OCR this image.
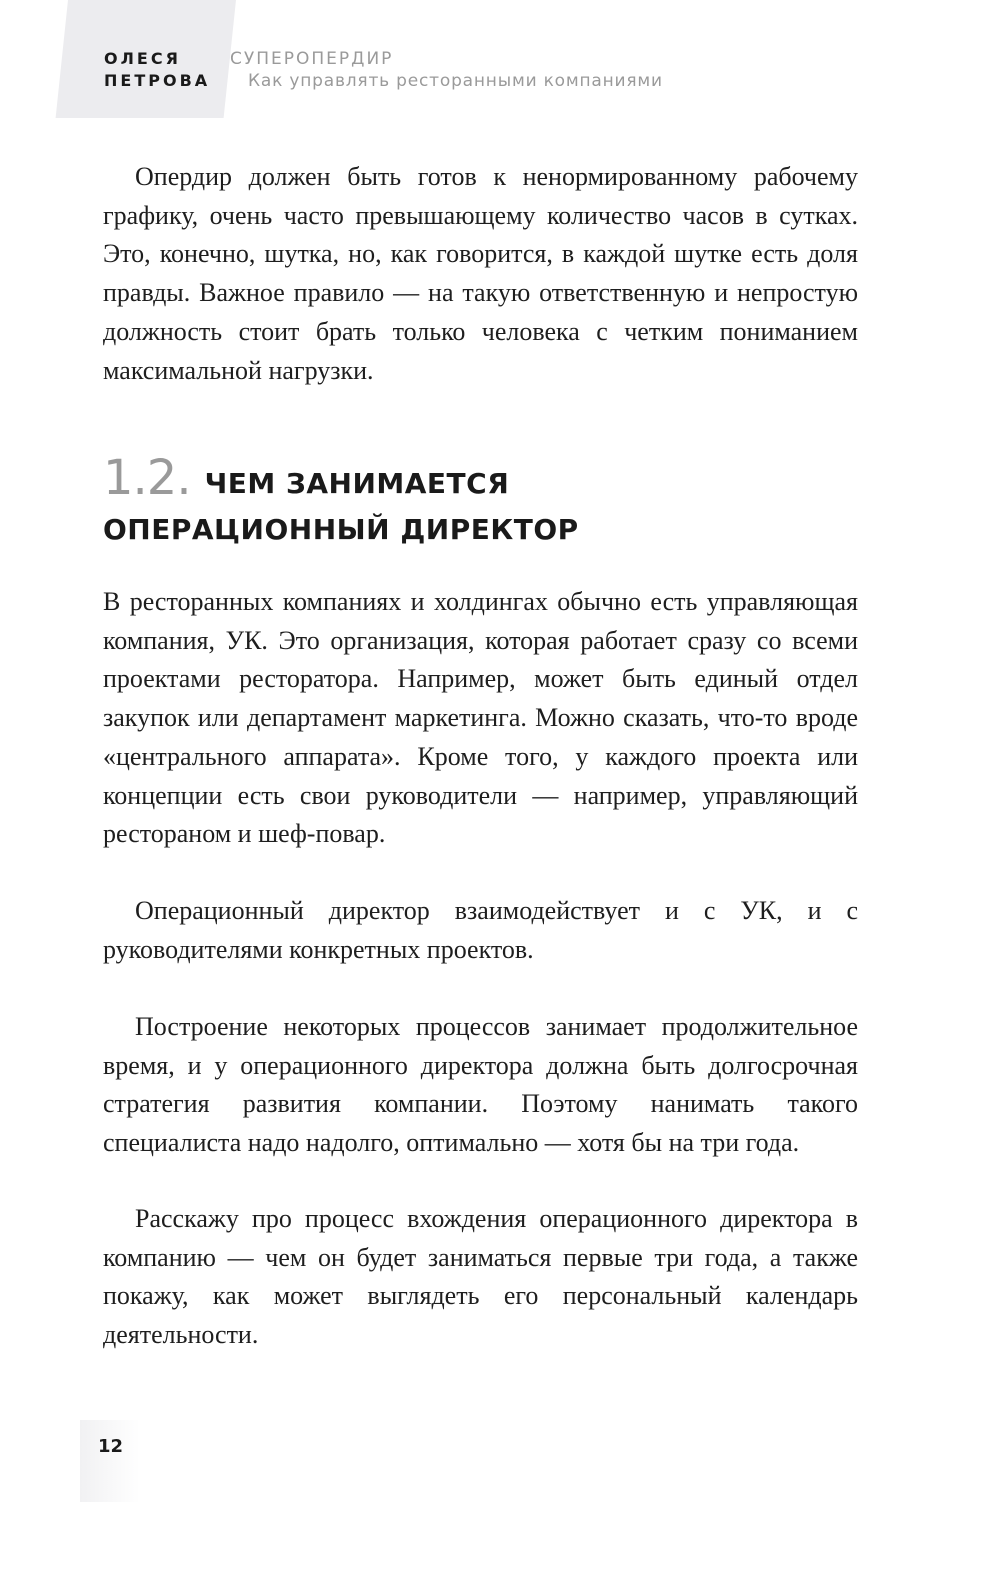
ОЛЕСЯ
ПЕТРОВА
СУПЕРОПЕРДИР
Как управлять ресторанными компаниями

Опердир должен быть готов к ненормированному рабочему графику, очень часто превышающему количество часов в сутках. Это, конечно, шутка, но, как говорится, в каждой шутке есть доля правды. Важное правило — на такую ответственную и непростую должность стоит брать только человека с четким пониманием максимальной нагрузки.

1.2. ЧЕМ ЗАНИМАЕТСЯ
ОПЕРАЦИОННЫЙ ДИРЕКТОР

В ресторанных компаниях и холдингах обычно есть управляющая компания, УК. Это организация, которая работает сразу со всеми проектами ресторатора. Например, может быть единый отдел закупок или департамент маркетинга. Можно сказать, что-то вроде «центрального аппарата». Кроме того, у каждого проекта или концепции есть свои руководители — например, управляющий рестораном и шеф-повар.

Операционный директор взаимодействует и с УК, и с руководителями конкретных проектов.

Построение некоторых процессов занимает продолжительное время, и у операционного директора должна быть долгосрочная стратегия развития компании. Поэтому нанимать такого специалиста надо надолго, оптимально — хотя бы на три года.

Расскажу про процесс вхождения операционного директора в компанию — чем он будет заниматься первые три года, а также покажу, как может выглядеть его персональный календарь деятельности.

12
